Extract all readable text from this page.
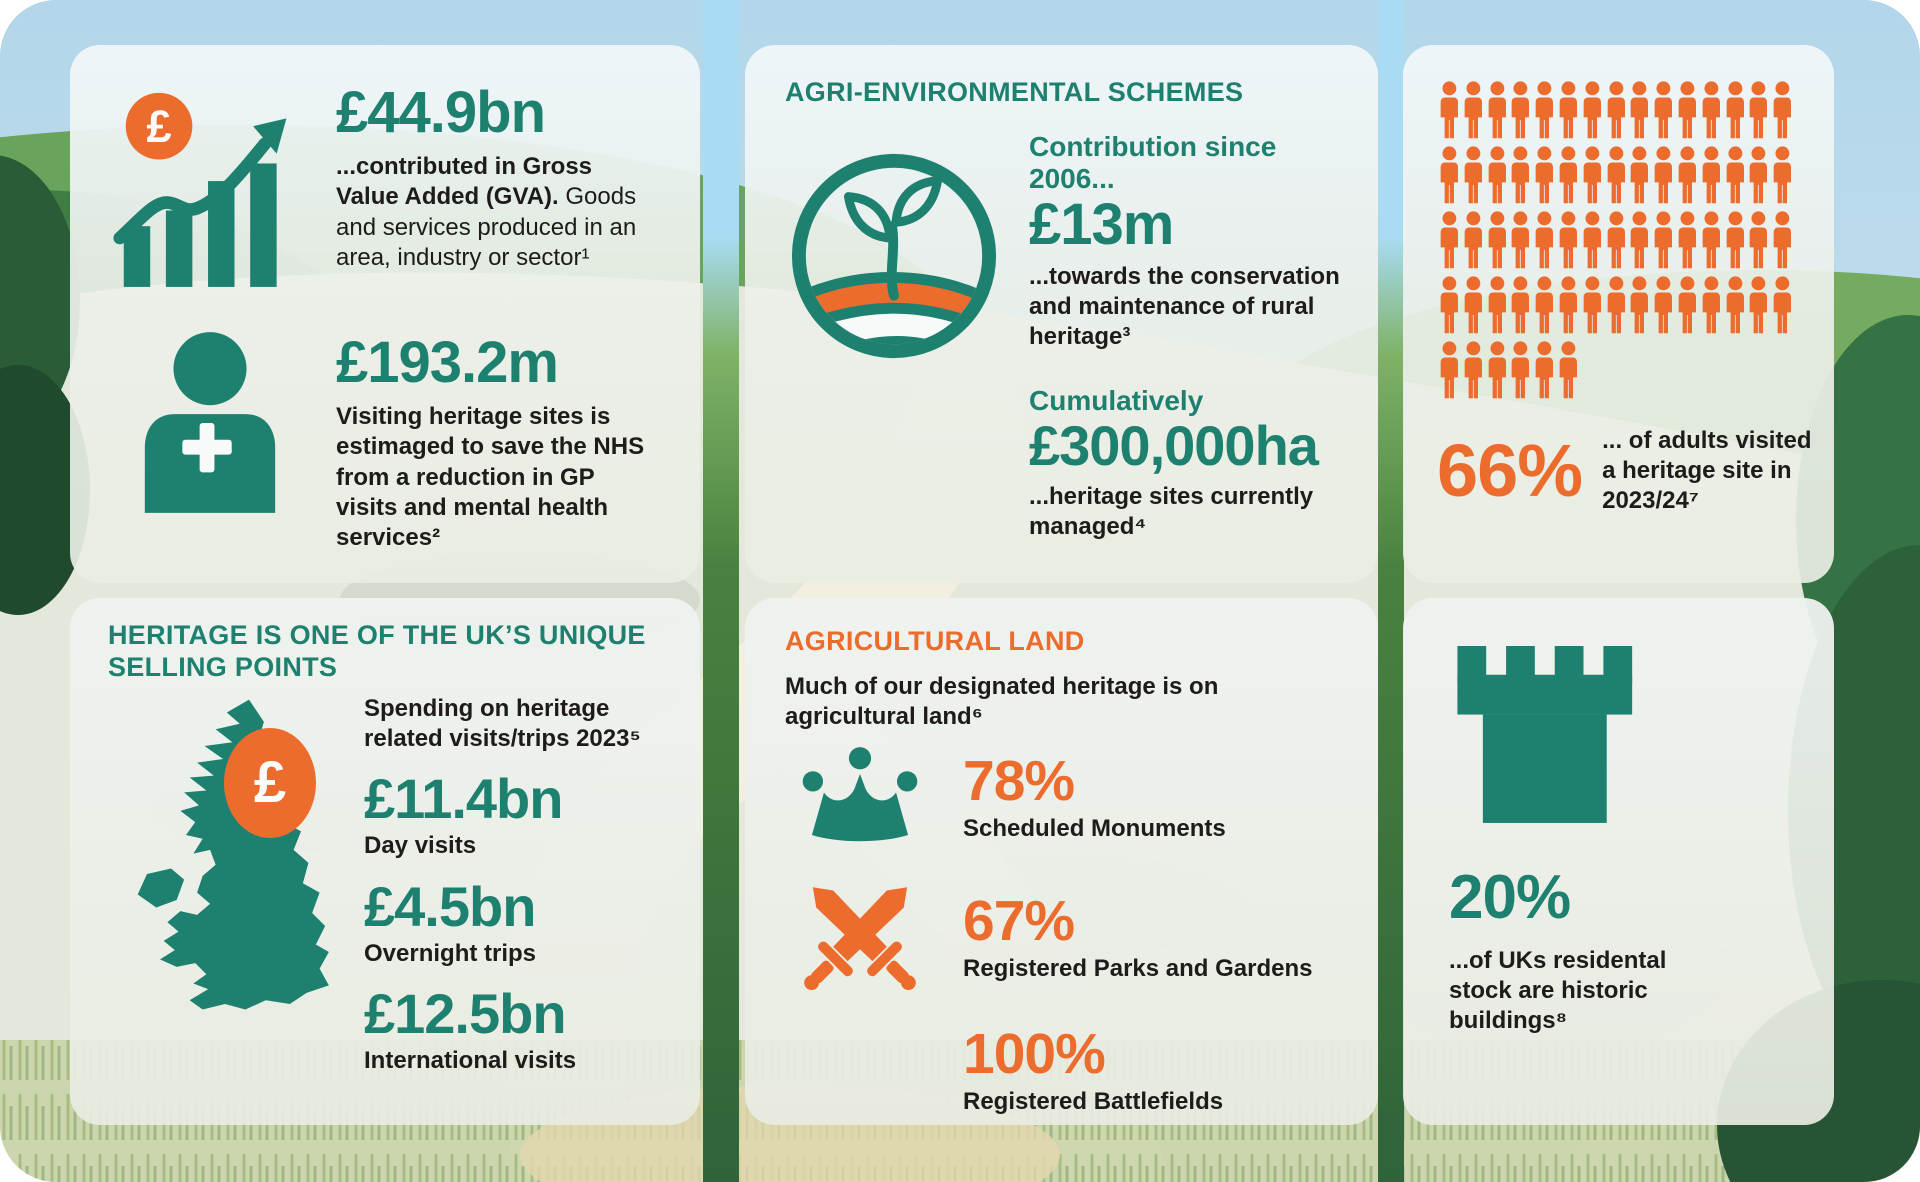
£	£44.9bn

...contributed in Gross Value Added (GVA). Goods and services produced in an area, industry or sector¹

£193.2m

Visiting heritage sites is estimaged to save the NHS from a reduction in GP visits and mental health services²

AGRI-ENVIRONMENTAL SCHEMES
Contribution since 2006...
£13m

...towards the conservation and maintenance of rural heritage³

Cumulatively
£300,000ha

...heritage sites currently managed⁴

66% ... of adults visited a heritage site in 2023/24⁷

HERITAGE IS ONE OF THE UK’S UNIQUE SELLING POINTS
£

Spending on heritage related visits/trips 2023⁵

£11.4bn
Day visits
£4.5bn
Overnight trips
£12.5bn
International visits
AGRICULTURAL LAND

Much of our designated heritage is on agricultural land⁶

78%
Scheduled Monuments
67%
Registered Parks and Gardens
100%
Registered Battlefields
20%

...of UKs residental stock are historic buildings⁸
